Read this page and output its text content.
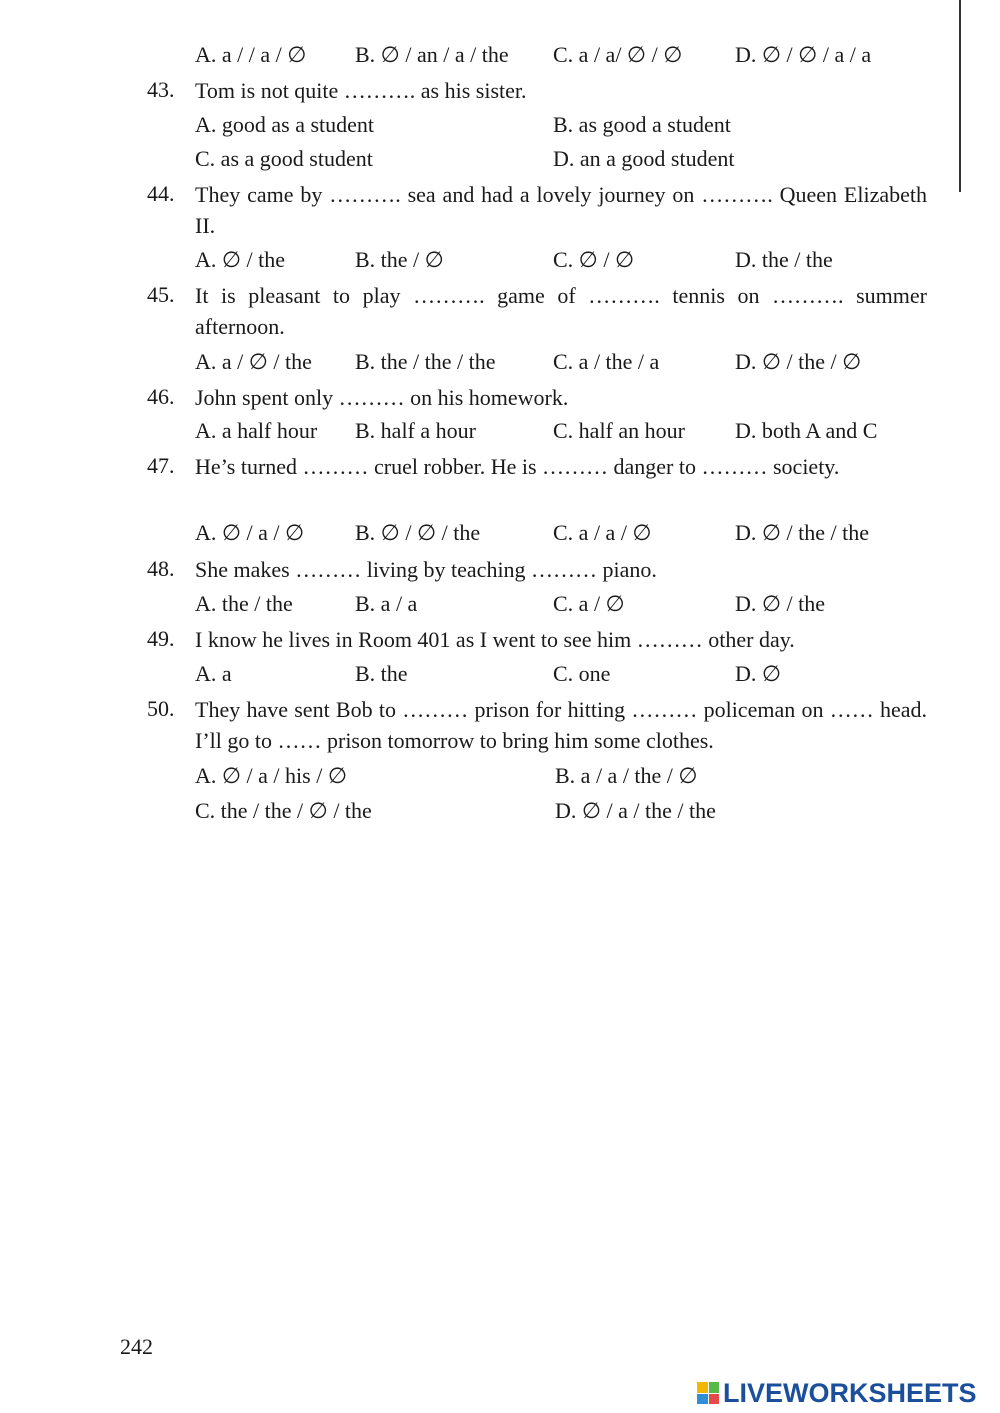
A. a / / a / ∅ B. ∅ / an / a / the C. a / a/ ∅ / ∅ D. ∅ / ∅ / a / a
43. Tom is not quite ………. as his sister.
A. good as a student	B. as good a student
C. as a good student	D. an a good student
44. They came by ………. sea and had a lovely journey on ………. Queen Elizabeth II.
A. ∅ / the	B. the / ∅	C. ∅ / ∅	D. the / the
45. It is pleasant to play ………. game of ………. tennis on ………. summer afternoon.
A. a / ∅ / the B. the / the / the	C. a / the / a	D. ∅ / the / ∅
46. John spent only ……… on his homework.
A. a half hour B. half a hour	C. half an hour D. both A and C
47. He’s turned ……… cruel robber. He is ……… danger to ……… society.
A. ∅ / a / ∅ B. ∅ / ∅ / the	C. a / a / ∅	D. ∅ / the / the
48. She makes ……… living by teaching ……… piano.
A. the / the	B. a / a	C. a / ∅	D. ∅ / the
49. I know he lives in Room 401 as I went to see him ……… other day.
A. a	B. the	C. one	D. ∅
50. They have sent Bob to ……… prison for hitting ……… policeman on …… head. I’ll go to …… prison tomorrow to bring him some clothes.
A. ∅ / a / his / ∅	B. a / a / the / ∅
C. the / the / ∅ / the	D. ∅ / a / the / the
242
LIVEWORKSHEETS
